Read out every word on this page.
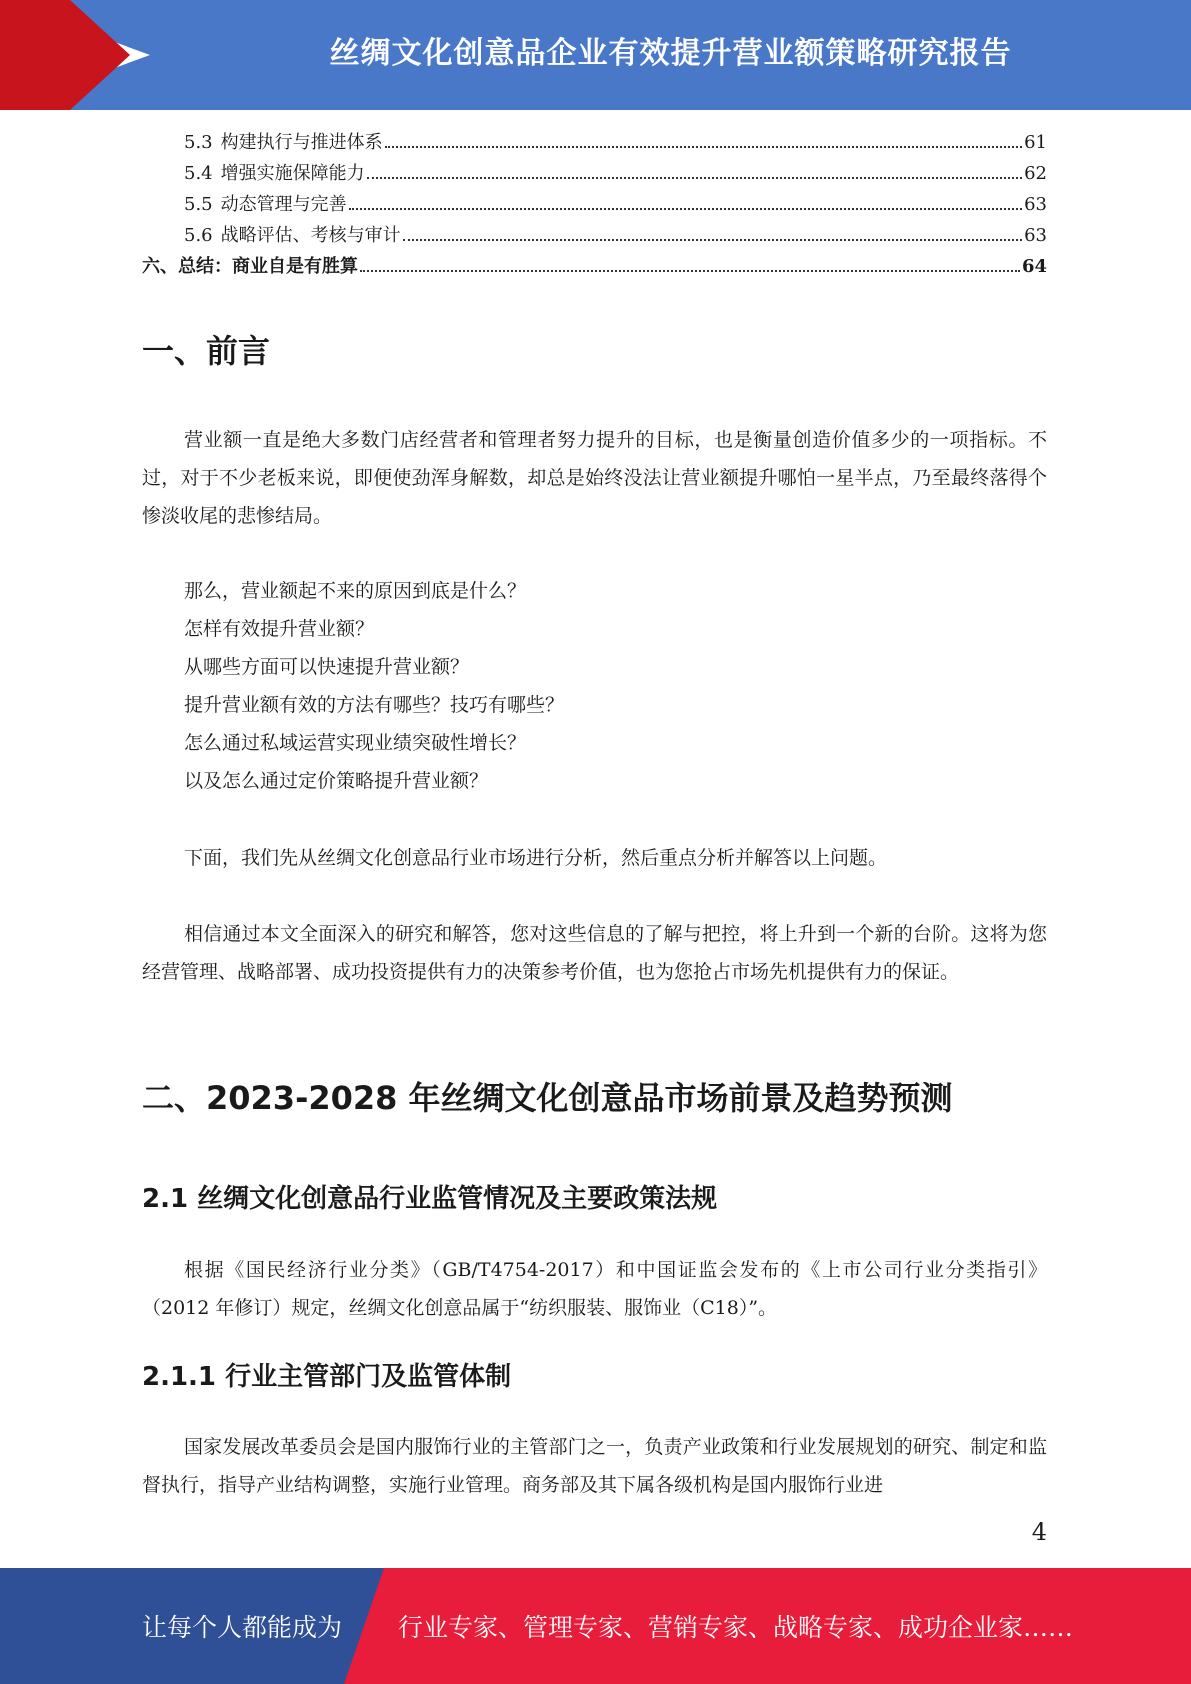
丝绸文化创意品企业有效提升营业额策略研究报告
5.3 构建执行与推进体系	61
5.4 增强实施保障能力	62
5.5 动态管理与完善	63
5.6 战略评估、考核与审计	63
六、总结：商业自是有胜算	64
一、前言
营业额一直是绝大多数门店经营者和管理者努力提升的目标，也是衡量创造价值多少的一项指标。不过，对于不少老板来说，即便使劲浑身解数，却总是始终没法让营业额提升哪怕一星半点，乃至最终落得个惨淡收尾的悲惨结局。
那么，营业额起不来的原因到底是什么？
怎样有效提升营业额？
从哪些方面可以快速提升营业额？
提升营业额有效的方法有哪些？技巧有哪些？
怎么通过私域运营实现业绩突破性增长？
以及怎么通过定价策略提升营业额？
下面，我们先从丝绸文化创意品行业市场进行分析，然后重点分析并解答以上问题。
相信通过本文全面深入的研究和解答，您对这些信息的了解与把控，将上升到一个新的台阶。这将为您经营管理、战略部署、成功投资提供有力的决策参考价值，也为您抢占市场先机提供有力的保证。
二、2023-2028 年丝绸文化创意品市场前景及趋势预测
2.1 丝绸文化创意品行业监管情况及主要政策法规
根据《国民经济行业分类》（GB/T4754-2017）和中国证监会发布的《上市公司行业分类指引》（2012 年修订）规定，丝绸文化创意品属于“纺织服装、服饰业（C18）”。
2.1.1 行业主管部门及监管体制
国家发展改革委员会是国内服饰行业的主管部门之一，负责产业政策和行业发展规划的研究、制定和监督执行，指导产业结构调整，实施行业管理。商务部及其下属各级机构是国内服饰行业进
4
让每个人都能成为 行业专家、管理专家、营销专家、战略专家、成功企业家……
